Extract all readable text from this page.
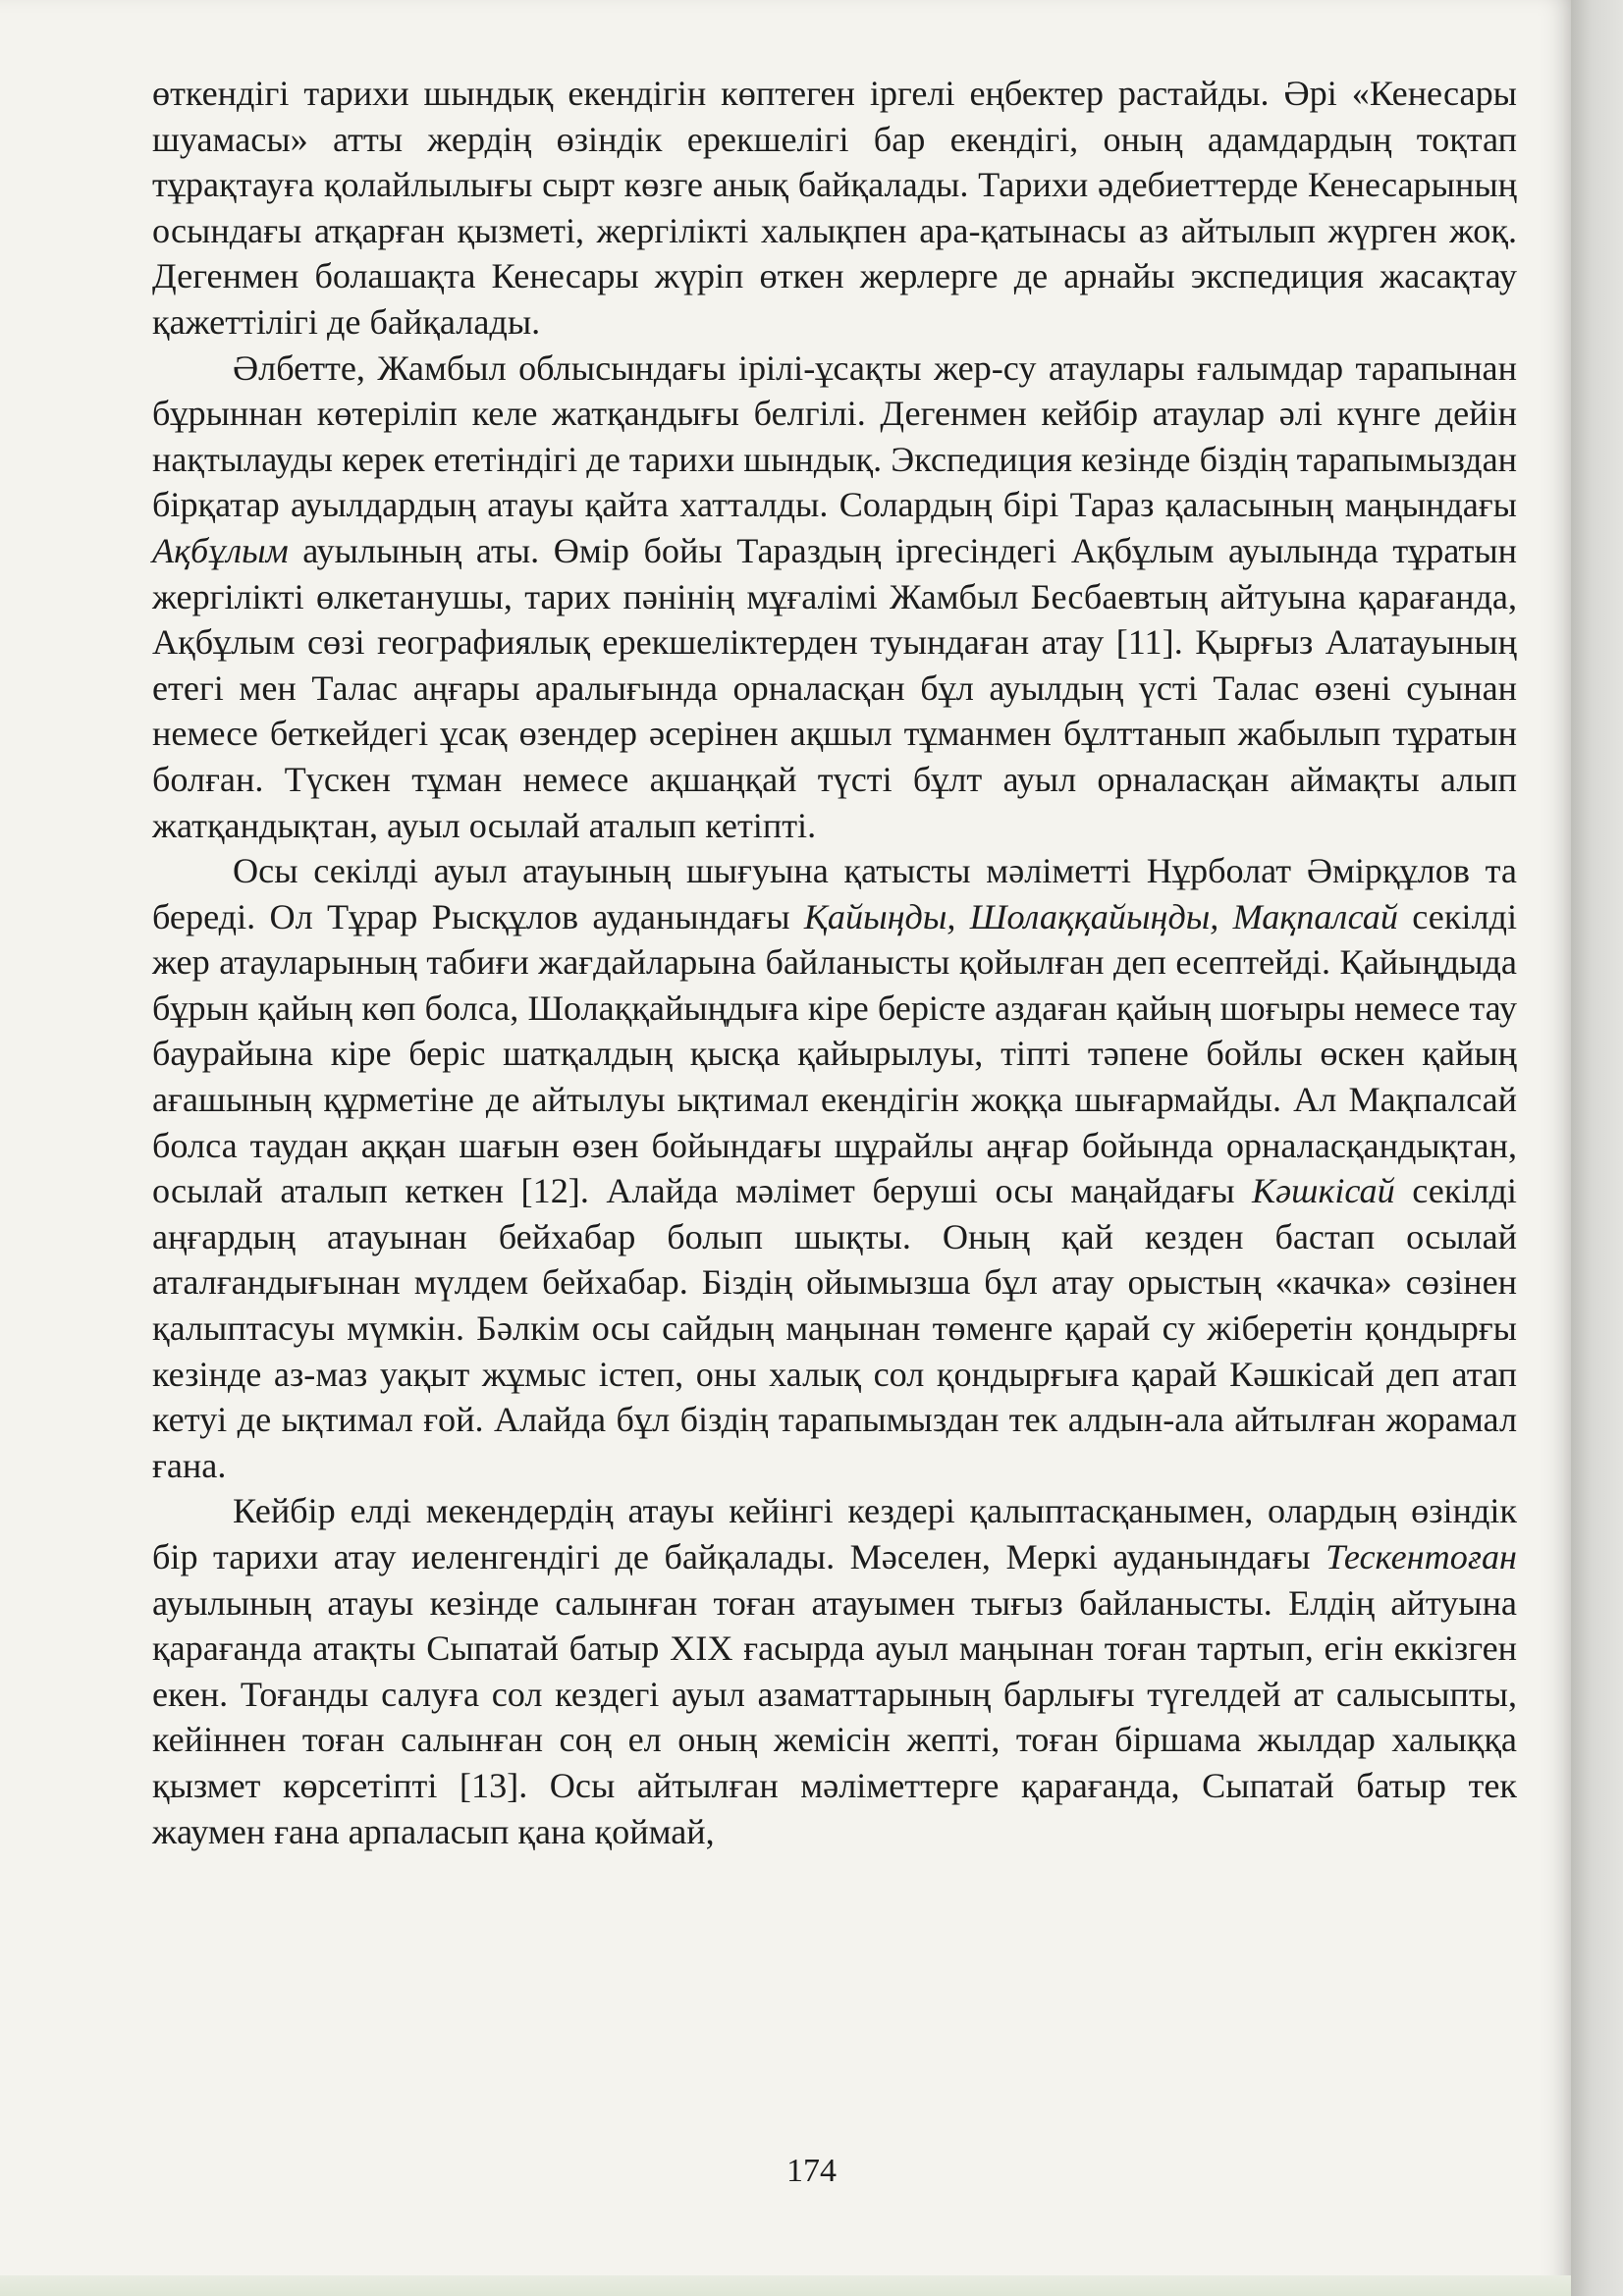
өткендігі тарихи шындық екендігін көптеген іргелі еңбектер растайды. Әрі «Кенесары шуамасы» атты жердің өзіндік ерекшелігі бар екендігі, оның адамдардың тоқтап тұрақтауға қолайлылығы сырт көзге анық байқалады. Тарихи әдебиеттерде Кенесарының осындағы атқарған қызметі, жергілікті халықпен ара-қатынасы аз айтылып жүрген жоқ. Дегенмен болашақта Кенесары жүріп өткен жерлерге де арнайы экспедиция жасақтау қажеттілігі де байқалады.

Әлбетте, Жамбыл облысындағы ірілі-ұсақты жер-су атаулары ғалымдар тарапынан бұрыннан көтеріліп келе жатқандығы белгілі. Дегенмен кейбір атаулар әлі күнге дейін нақтылауды керек ететіндігі де тарихи шындық. Экспедиция кезінде біздің тарапымыздан бірқатар ауылдардың атауы қайта хатталды. Солардың бірі Тараз қаласының маңындағы Ақбұлым ауылының аты. Өмір бойы Тараздың іргесіндегі Ақбұлым ауылында тұратын жергілікті өлкетанушы, тарих пәнінің мұғалімі Жамбыл Бесбаевтың айтуына қарағанда, Ақбұлым сөзі географиялық ерекшеліктерден туындаған атау [11]. Қырғыз Алатауының етегі мен Талас аңғары аралығында орналасқан бұл ауылдың үсті Талас өзені суынан немесе беткейдегі ұсақ өзендер әсерінен ақшыл тұманмен бұлттанып жабылып тұратын болған. Түскен тұман немесе ақшаңқай түсті бұлт ауыл орналасқан аймақты алып жатқандықтан, ауыл осылай аталып кетіпті.

Осы секілді ауыл атауының шығуына қатысты мәліметті Нұрболат Әмірқұлов та береді. Ол Тұрар Рысқұлов ауданындағы Қайыңды, Шолаққайыңды, Мақпалсай секілді жер атауларының табиғи жағдайларына байланысты қойылған деп есептейді. Қайыңдыда бұрын қайың көп болса, Шолаққайыңдыға кіре берісте аздаған қайың шоғыры немесе тау баурайына кіре беріс шатқалдың қысқа қайырылуы, тіпті тәпене бойлы өскен қайың ағашының құрметіне де айтылуы ықтимал екендігін жоққа шығармайды. Ал Мақпалсай болса таудан аққан шағын өзен бойындағы шұрайлы аңғар бойында орналасқандықтан, осылай аталып кеткен [12]. Алайда мәлімет беруші осы маңайдағы Кәшкісай секілді аңғардың атауынан бейхабар болып шықты. Оның қай кезден бастап осылай аталғандығынан мүлдем бейхабар. Біздің ойымызша бұл атау орыстың «качка» сөзінен қалыптасуы мүмкін. Бәлкім осы сайдың маңынан төменге қарай су жіберетін қондырғы кезінде аз-маз уақыт жұмыс істеп, оны халық сол қондырғыға қарай Кәшкісай деп атап кетуі де ықтимал ғой. Алайда бұл біздің тарапымыздан тек алдын-ала айтылған жорамал ғана.

Кейбір елді мекендердің атауы кейінгі кездері қалыптасқанымен, олардың өзіндік бір тарихи атау иеленгендігі де байқалады. Мәселен, Меркі ауданындағы Тескентоған ауылының атауы кезінде салынған тоған атауымен тығыз байланысты. Елдің айтуына қарағанда атақты Сыпатай батыр ХІХ ғасырда ауыл маңынан тоған тартып, егін еккізген екен. Тоғанды салуға сол кездегі ауыл азаматтарының барлығы түгелдей ат салысыпты, кейіннен тоған салынған соң ел оның жемісін жепті, тоған біршама жылдар халыққа қызмет көрсетіпті [13]. Осы айтылған мәліметтерге қарағанда, Сыпатай батыр тек жаумен ғана арпаласып қана қоймай,

174
